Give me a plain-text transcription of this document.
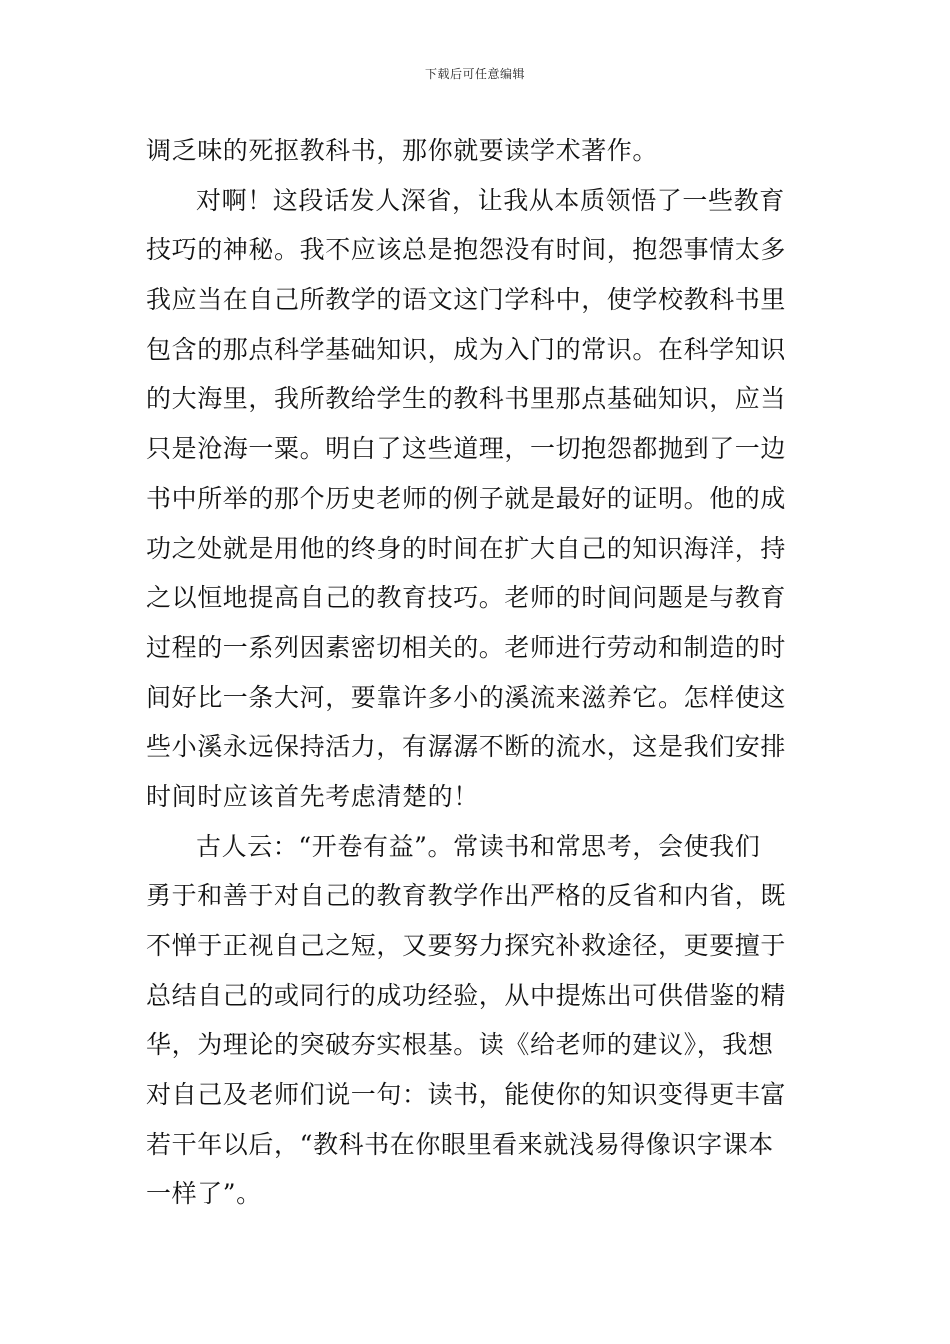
下载后可任意编辑
调乏味的死抠教科书，那你就要读学术著作。
对啊！这段话发人深省，让我从本质领悟了一些教育
技巧的神秘。我不应该总是抱怨没有时间，抱怨事情太多
我应当在自己所教学的语文这门学科中，使学校教科书里
包含的那点科学基础知识，成为入门的常识。在科学知识
的大海里，我所教给学生的教科书里那点基础知识，应当
只是沧海一粟。明白了这些道理，一切抱怨都抛到了一边
书中所举的那个历史老师的例子就是最好的证明。他的成
功之处就是用他的终身的时间在扩大自己的知识海洋，持
之以恒地提高自己的教育技巧。老师的时间问题是与教育
过程的一系列因素密切相关的。老师进行劳动和制造的时
间好比一条大河，要靠许多小的溪流来滋养它。怎样使这
些小溪永远保持活力，有潺潺不断的流水，这是我们安排
时间时应该首先考虑清楚的！
古人云：“开卷有益”。常读书和常思考，会使我们
勇于和善于对自己的教育教学作出严格的反省和内省，既
不惮于正视自己之短，又要努力探究补救途径，更要擅于
总结自己的或同行的成功经验，从中提炼出可供借鉴的精
华，为理论的突破夯实根基。读《给老师的建议》，我想
对自己及老师们说一句：读书，能使你的知识变得更丰富
若干年以后，“教科书在你眼里看来就浅易得像识字课本
一样了”。
